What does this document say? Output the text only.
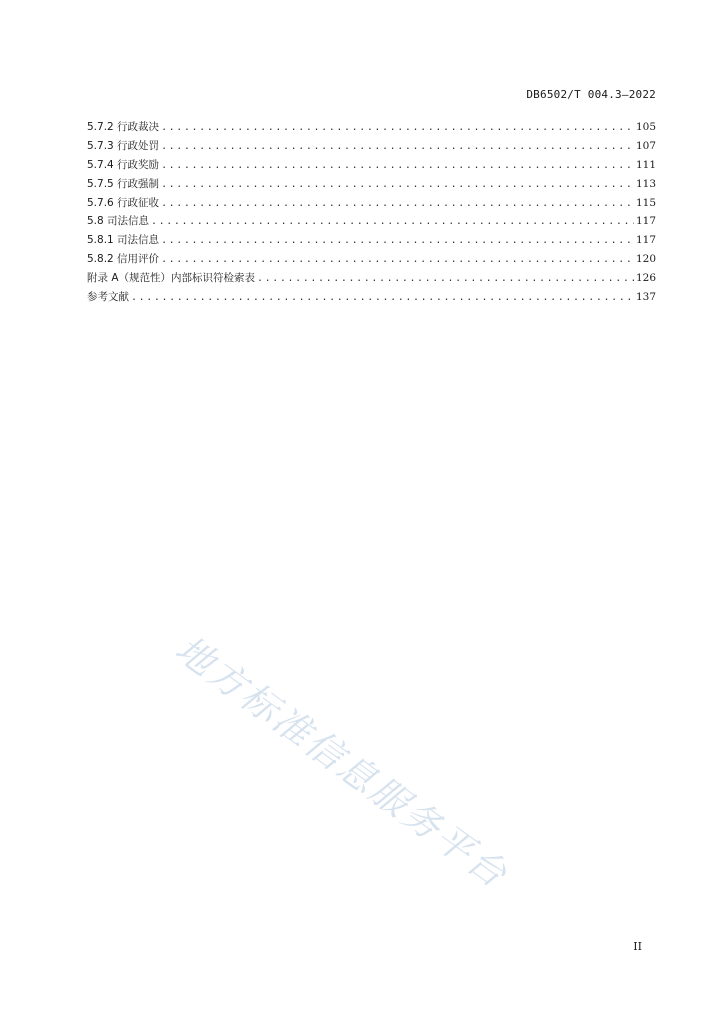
DB6502/T 004.3—2022
5.7.2 行政裁决 .....	105
5.7.3 行政处罚 .....	107
5.7.4 行政奖励 .....	111
5.7.5 行政强制 .....	113
5.7.6 行政征收 .....	115
5.8 司法信息 .....	117
5.8.1 司法信息 .....	117
5.8.2 信用评价 .....	120
附录 A（规范性）内部标识符检索表 .....	126
参考文献 .....	137
地方标准信息服务平台
II
